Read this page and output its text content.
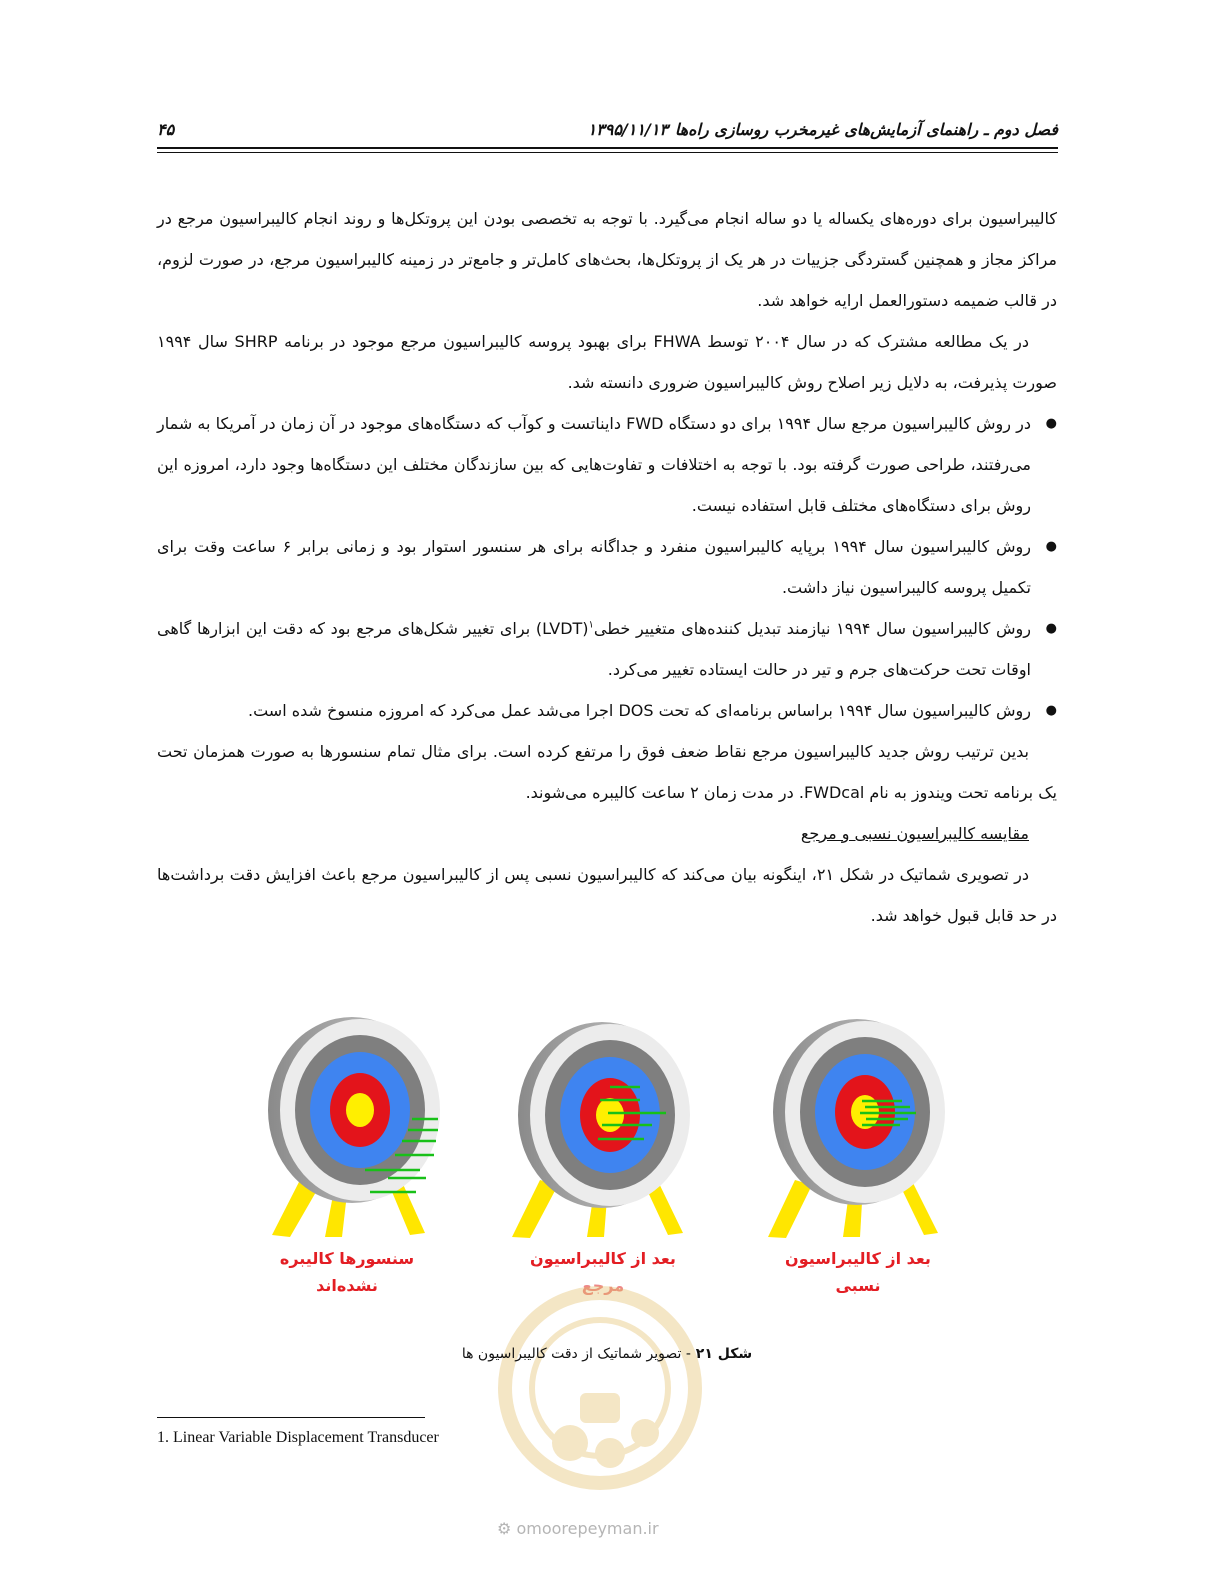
فصل دوم ـ راهنمای آزمایش‌های غیرمخرب روسازی راه‌ها
۱۳۹۵/۱۱/۱۳
۴۵

کالیبراسیون برای دوره‌های یکساله یا دو ساله انجام می‌گیرد. با توجه به تخصصی بودن این پروتکل‌ها و روند انجام کالیبراسیون مرجع در مراکز مجاز و همچنین گستردگی جزییات در هر یک از پروتکل‌ها، بحث‌های کامل‌تر و جامع‌تر در زمینه کالیبراسیون مرجع، در صورت لزوم، در قالب ضمیمه دستورالعمل ارایه خواهد شد.

در یک مطالعه مشترک که در سال ۲۰۰۴ توسط FHWA برای بهبود پروسه کالیبراسیون مرجع موجود در برنامه SHRP سال ۱۹۹۴ صورت پذیرفت، به دلایل زیر اصلاح روش کالیبراسیون ضروری دانسته شد.

● در روش کالیبراسیون مرجع سال ۱۹۹۴ برای دو دستگاه FWD دایناتست و کوآب که دستگاه‌های موجود در آن زمان در آمریکا به شمار می‌رفتند، طراحی صورت گرفته بود. با توجه به اختلافات و تفاوت‌هایی که بین سازندگان مختلف این دستگاه‌ها وجود دارد، امروزه این روش برای دستگاه‌های مختلف قابل استفاده نیست.
● روش کالیبراسیون سال ۱۹۹۴ برپایه کالیبراسیون منفرد و جداگانه برای هر سنسور استوار بود و زمانی برابر ۶ ساعت وقت برای تکمیل پروسه کالیبراسیون نیاز داشت.
● روش کالیبراسیون سال ۱۹۹۴ نیازمند تبدیل کننده‌های متغییر خطی$^۱$(LVDT) برای تغییر شکل‌های مرجع بود که دقت این ابزارها گاهی اوقات تحت حرکت‌های جرم و تیر در حالت ایستاده تغییر می‌کرد.
● روش کالیبراسیون سال ۱۹۹۴ براساس برنامه‌ای که تحت DOS اجرا می‌شد عمل می‌کرد که امروزه منسوخ شده است.

بدین ترتیب روش جدید کالیبراسیون مرجع نقاط ضعف فوق را مرتفع کرده است. برای مثال تمام سنسورها به صورت همزمان تحت یک برنامه تحت ویندوز به نام FWDcal. در مدت زمان ۲ ساعت کالیبره می‌شوند.

مقایسه کالیبراسیون نسبی و مرجع

در تصویری شماتیک در شکل ۲۱، اینگونه بیان می‌کند که کالیبراسیون نسبی پس از کالیبراسیون مرجع باعث افزایش دقت برداشت‌ها در حد قابل قبول خواهد شد.

سنسورها کالیبره
نشده‌اند
بعد از کالیبراسیون
مرجع
بعد از کالیبراسیون
نسبی
شکل ۲۱ - تصویر شماتیک از دقت کالیبراسیون ها
1. Linear Variable Displacement Transducer
⚙ omoorepeyman.ir
